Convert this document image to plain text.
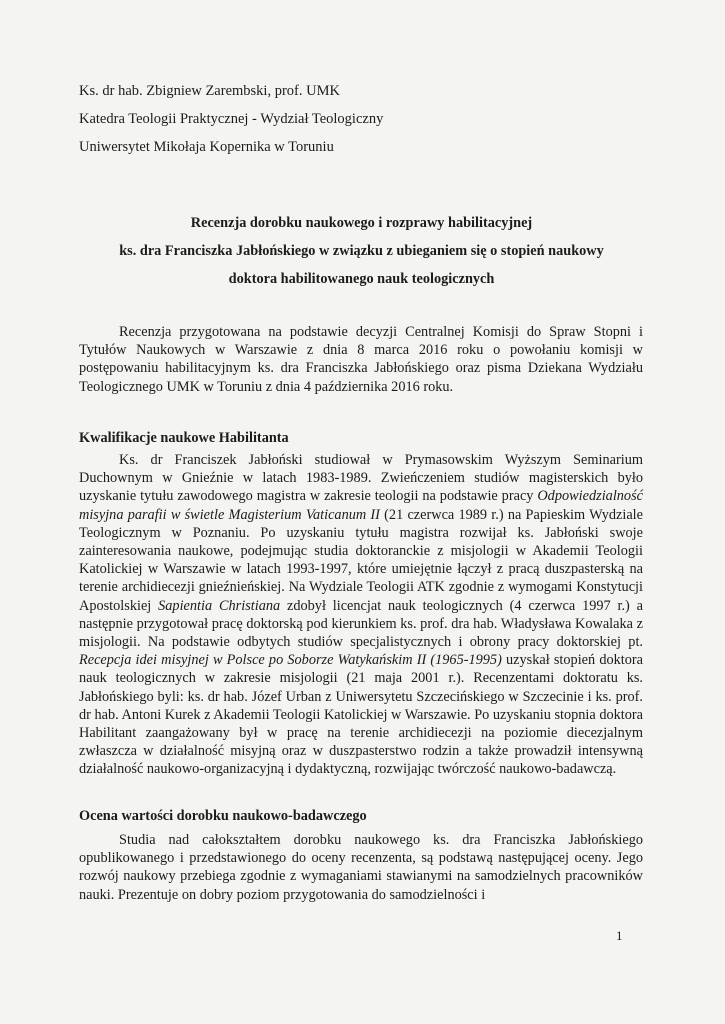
Ks. dr hab. Zbigniew Zarembski, prof. UMK
Katedra Teologii Praktycznej - Wydział Teologiczny
Uniwersytet Mikołaja Kopernika w Toruniu
Recenzja dorobku naukowego i rozprawy habilitacyjnej
ks. dra Franciszka Jabłońskiego w związku z ubieganiem się o stopień naukowy
doktora habilitowanego nauk teologicznych

Recenzja przygotowana na podstawie decyzji Centralnej Komisji do Spraw Stopni i Tytułów Naukowych w Warszawie z dnia 8 marca 2016 roku o powołaniu komisji w postępowaniu habilitacyjnym ks. dra Franciszka Jabłońskiego oraz pisma Dziekana Wydziału Teologicznego UMK w Toruniu z dnia 4 października 2016 roku.

Kwalifikacje naukowe Habilitanta

Ks. dr Franciszek Jabłoński studiował w Prymasowskim Wyższym Seminarium Duchownym w Gnieźnie w latach 1983-1989. Zwieńczeniem studiów magisterskich było uzyskanie tytułu zawodowego magistra w zakresie teologii na podstawie pracy Odpowiedzialność misyjna parafii w świetle Magisterium Vaticanum II (21 czerwca 1989 r.) na Papieskim Wydziale Teologicznym w Poznaniu. Po uzyskaniu tytułu magistra rozwijał ks. Jabłoński swoje zainteresowania naukowe, podejmując studia doktoranckie z misjologii w Akademii Teologii Katolickiej w Warszawie w latach 1993-1997, które umiejętnie łączył z pracą duszpasterską na terenie archidiecezji gnieźnieńskiej. Na Wydziale Teologii ATK zgodnie z wymogami Konstytucji Apostolskiej Sapientia Christiana zdobył licencjat nauk teologicznych (4 czerwca 1997 r.) a następnie przygotował pracę doktorską pod kierunkiem ks. prof. dra hab. Władysława Kowalaka z misjologii. Na podstawie odbytych studiów specjalistycznych i obrony pracy doktorskiej pt. Recepcja idei misyjnej w Polsce po Soborze Watykańskim II (1965-1995) uzyskał stopień doktora nauk teologicznych w zakresie misjologii (21 maja 2001 r.). Recenzentami doktoratu ks. Jabłońskiego byli: ks. dr hab. Józef Urban z Uniwersytetu Szczecińskiego w Szczecinie i ks. prof. dr hab. Antoni Kurek z Akademii Teologii Katolickiej w Warszawie. Po uzyskaniu stopnia doktora Habilitant zaangażowany był w pracę na terenie archidiecezji na poziomie diecezjalnym zwłaszcza w działalność misyjną oraz w duszpasterstwo rodzin a także prowadził intensywną działalność naukowo-organizacyjną i dydaktyczną, rozwijając twórczość naukowo-badawczą.

Ocena wartości dorobku naukowo-badawczego

Studia nad całokształtem dorobku naukowego ks. dra Franciszka Jabłońskiego opublikowanego i przedstawionego do oceny recenzenta, są podstawą następującej oceny. Jego rozwój naukowy przebiega zgodnie z wymaganiami stawianymi na samodzielnych pracowników nauki. Prezentuje on dobry poziom przygotowania do samodzielności i

1
